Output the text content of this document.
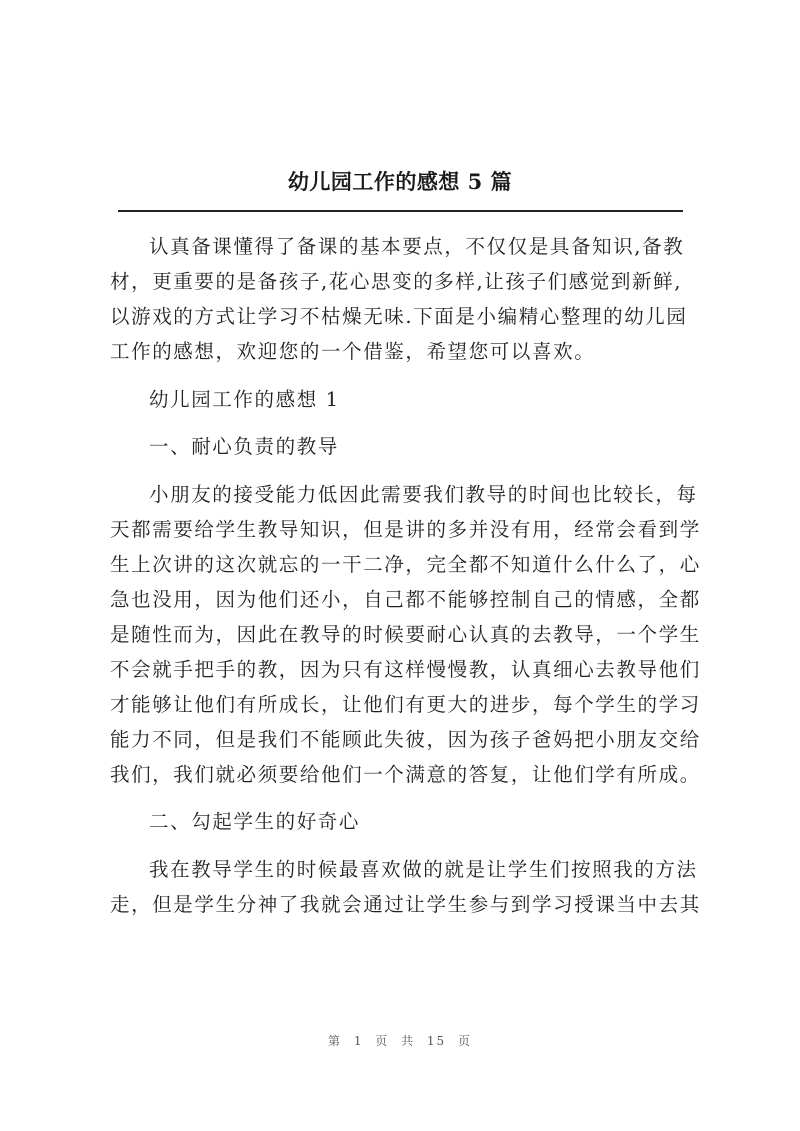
幼儿园工作的感想 5 篇
认真备课懂得了备课的基本要点，不仅仅是具备知识,备教
材，更重要的是备孩子,花心思变的多样,让孩子们感觉到新鲜,
以游戏的方式让学习不枯燥无味.下面是小编精心整理的幼儿园
工作的感想，欢迎您的一个借鉴，希望您可以喜欢。
幼儿园工作的感想 1
一、耐心负责的教导
小朋友的接受能力低因此需要我们教导的时间也比较长，每
天都需要给学生教导知识，但是讲的多并没有用，经常会看到学
生上次讲的这次就忘的一干二净，完全都不知道什么什么了，心
急也没用，因为他们还小，自己都不能够控制自己的情感，全都
是随性而为，因此在教导的时候要耐心认真的去教导，一个学生
不会就手把手的教，因为只有这样慢慢教，认真细心去教导他们
才能够让他们有所成长，让他们有更大的进步，每个学生的学习
能力不同，但是我们不能顾此失彼，因为孩子爸妈把小朋友交给
我们，我们就必须要给他们一个满意的答复，让他们学有所成。
二、勾起学生的好奇心
我在教导学生的时候最喜欢做的就是让学生们按照我的方法
走，但是学生分神了我就会通过让学生参与到学习授课当中去其
第 1 页 共 15 页
